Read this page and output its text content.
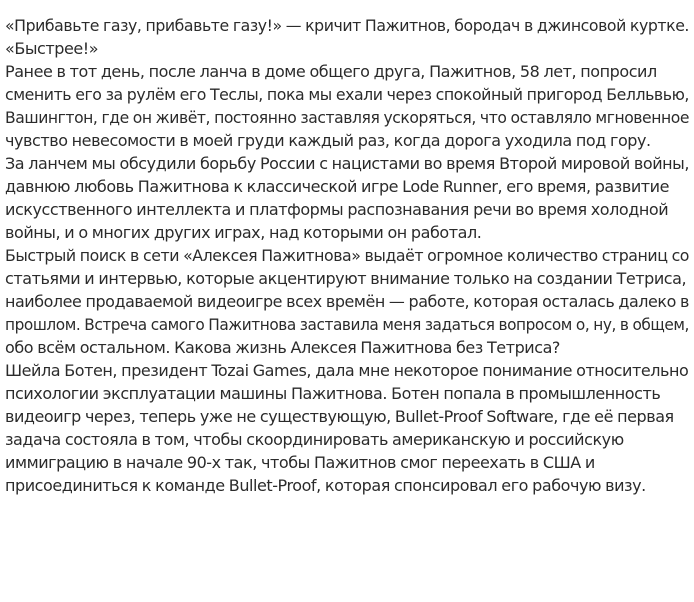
«Прибавьте газу, прибавьте газу!» — кричит Пажитнов, бородач в джинсовой куртке.

«Быстрее!»

Ранее в тот день, после ланча в доме общего друга, Пажитнов, 58 лет, попросил
сменить его за рулём его Теслы, пока мы ехали через спокойный пригород Белльвью,
Вашингтон, где он живёт, постоянно заставляя ускоряться, что оставляло мгновенное
чувство невесомости в моей груди каждый раз, когда дорога уходила под гору.

За ланчем мы обсудили борьбу России с нацистами во время Второй мировой войны,
давнюю любовь Пажитнова к классической игре Lode Runner, его время, развитие
искусственного интеллекта и платформы распознавания речи во время холодной
войны, и о многих других играх, над которыми он работал.

Быстрый поиск в сети «Алексея Пажитнова» выдаёт огромное количество страниц со
статьями и интервью, которые акцентируют внимание только на создании Тетриса,
наиболее продаваемой видеоигре всех времён — работе, которая осталась далеко в
прошлом. Встреча самого Пажитнова заставила меня задаться вопросом о, ну, в общем,
обо всём остальном. Какова жизнь Алексея Пажитнова без Тетриса?

Шейла Ботен, президент Tozai Games, дала мне некоторое понимание относительно
психологии эксплуатации машины Пажитнова. Ботен попала в промышленность
видеоигр через, теперь уже не существующую, Bullet-Proof Software, где её первая
задача состояла в том, чтобы скоординировать американскую и российскую
иммиграцию в начале 90-х так, чтобы Пажитнов смог переехать в США и
присоединиться к команде Bullet-Proof, которая спонсировал его рабочую визу.
